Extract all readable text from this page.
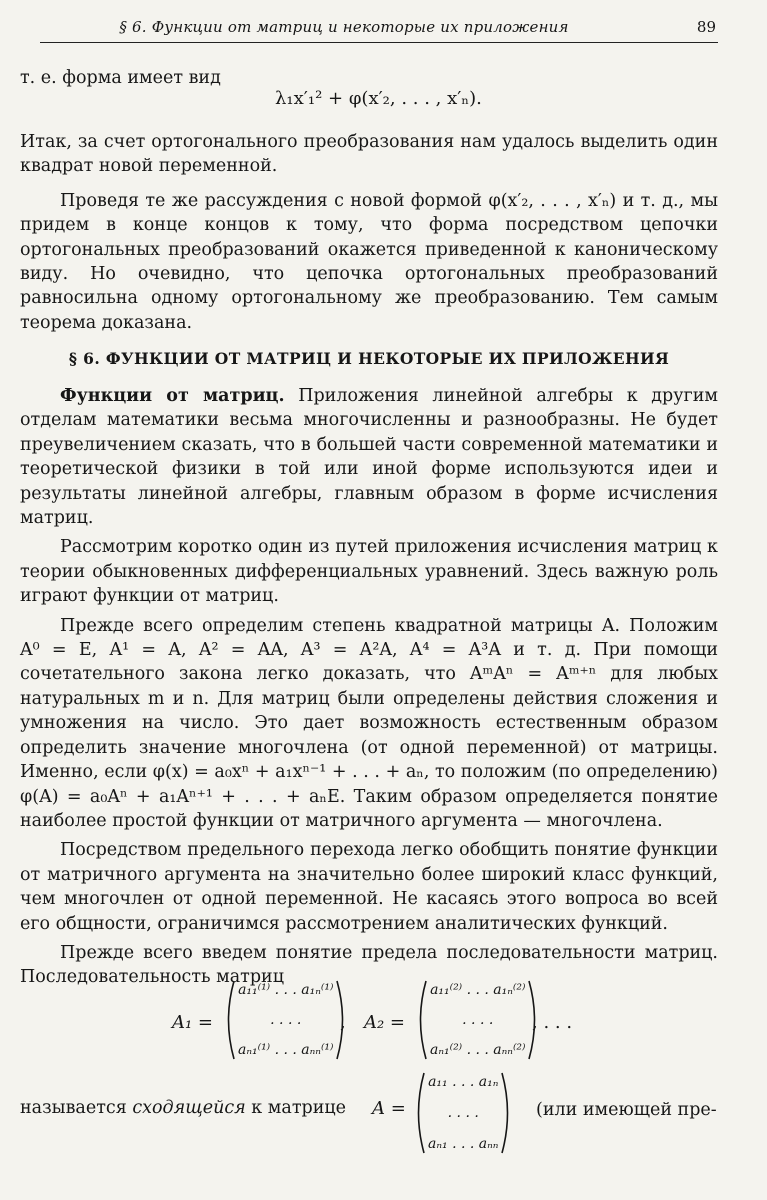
§ 6. Функции от матриц и некоторые их приложения	89

т. е. форма имеет вид

λ₁x′₁² + φ(x′₂, . . . , x′ₙ).

Итак, за счет ортогонального преобразования нам удалось выделить один квадрат новой переменной.

Проведя те же рассуждения с новой формой φ(x′₂, . . . , x′ₙ) и т. д., мы придем в конце концов к тому, что форма посредством цепочки ортогональных преобразований окажется приведенной к каноническому виду. Но очевидно, что цепочка ортогональных преобразований равносильна одному ортогональному же преобразованию. Тем самым теорема доказана.

§ 6. ФУНКЦИИ ОТ МАТРИЦ И НЕКОТОРЫЕ ИХ ПРИЛОЖЕНИЯ

Функции от матриц. Приложения линейной алгебры к другим отделам математики весьма многочисленны и разнообразны. Не будет преувеличением сказать, что в большей части современной математики и теоретической физики в той или иной форме используются идеи и результаты линейной алгебры, главным образом в форме исчисления матриц.

Рассмотрим коротко один из путей приложения исчисления матриц к теории обыкновенных дифференциальных уравнений. Здесь важную роль играют функции от матриц.

Прежде всего определим степень квадратной матрицы A. Положим A⁰ = E, A¹ = A, A² = AA, A³ = A²A, A⁴ = A³A и т. д. При помощи сочетательного закона легко доказать, что AᵐAⁿ = Aᵐ⁺ⁿ для любых натуральных m и n. Для матриц были определены действия сложения и умножения на число. Это дает возможность естественным образом определить значение многочлена (от одной переменной) от матрицы. Именно, если φ(x) = a₀xⁿ + a₁xⁿ⁻¹ + . . . + aₙ, то положим (по определению) φ(A) = a₀Aⁿ + a₁Aⁿ⁺¹ + . . . + aₙE. Таким образом определяется понятие наиболее простой функции от матричного аргумента — многочлена.

Посредством предельного перехода легко обобщить понятие функции от матричного аргумента на значительно более широкий класс функций, чем многочлен от одной переменной. Не касаясь этого вопроса во всей его общности, ограничимся рассмотрением аналитических функций.

Прежде всего введем понятие предела последовательности матриц. Последовательность матриц

A₁ =
a₁₁⁽¹⁾ . . . a₁ₙ⁽¹⁾
. . . .
aₙ₁⁽¹⁾ . . . aₙₙ⁽¹⁾
, A₂ =
a₁₁⁽²⁾ . . . a₁ₙ⁽²⁾
. . . .
aₙ₁⁽²⁾ . . . aₙₙ⁽²⁾
, . . .
называется сходящейся к матрице A =
a₁₁ . . . a₁ₙ
. . . .
aₙ₁ . . . aₙₙ
(или имеющей пре-
